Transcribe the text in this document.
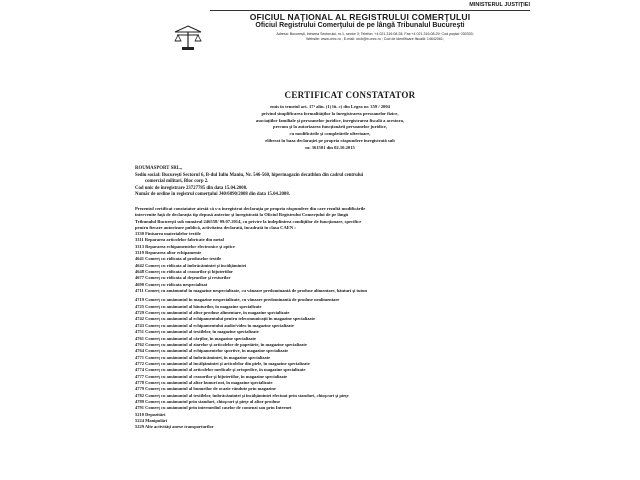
MINISTERUL JUSTIŢIEI
OFICIUL NAŢIONAL AL REGISTRULUI COMERŢULUI
Oficiul Registrului Comerţului de pe lângă Tribunalul Bucureşti
Adresa: Bucureşti, Intrarea Sectorului, nr.1, sector 3; Telefon: +4 021.316.08.28; Fax:+4 021.316.08.29; Cod poştal: 030333;
Website: www.onrc.ro ; E-mail: orcb@b.onrc.ro ; Cod de identificare fiscală: 14642061;
CERTIFICAT CONSTATATOR
emis în temeiul art. 17¹ alin. (1) lit. c) din Legea nr. 359 / 2004
privind simplificarea formalităţilor la înregistrarea persoanelor fizice,
asociaţiilor familiale şi persoanelor juridice, înregistrarea fiscală a acestora,
precum şi la autorizarea funcţionării persoanelor juridice,
cu modificările şi completările ulterioare,
eliberat în baza declaraţiei pe propria răspundere înregistrată sub
nr. 361501 din 02.10.2015
ROUMASPORT SRL.,
Sediu social: Bucureşti Sectorul 6, B-dul Iuliu Maniu, Nr. 546-560, hipermagazin decathlon din cadrul centrului
comercial militari, Bloc corp 2.
Cod unic de înregistrare 23727785 din data 15.04.2008.
Număr de ordine în registrul comerţului J40/6890/2008 din data 15.04.2008.
Prezentul certificat constatator atestă că s-a înregistrat declaraţia pe propria răspundere din care rezultă modificările
intervenite faţă de declaraţia tip depusă anterior şi înregistrată la Oficiul Registrului Comerţului de pe lângă
Tribunalul Bucureşti sub numărul 246558/ 09.07.2014, cu privire la îndeplinirea condiţiilor de funcţionare, specifice
pentru fiecare autorizare publică, activitatea declarată, încadrată în clasa CAEN :
1330 Finisarea materialelor textile
3311 Repararea articolelor fabricate din metal
3313 Repararea echipamentelor electronice şi optice
3319 Repararea altor echipamente
4641 Comerţ cu ridicata al produselor textile
4642 Comerţ cu ridicata al îmbrăcămintei şi încălţămintei
4648 Comerţ cu ridicata al ceasurilor şi bijuteriilor
4677 Comerţ cu ridicata al deşeurilor şi resturilor
4690 Comerţ cu ridicata nespecializat
4711 Comerţ cu amănuntul în magazine nespecializate, cu vânzare predominantă de produse alimentare, băuturi şi tutun
4719 Comerţ cu amănuntul în magazine nespecializate, cu vânzare predominantă de produse nealimentare
4725 Comerţ cu amănuntul al băuturilor, în magazine specializate
4729 Comerţ cu amănuntul al altor produse alimentare, în magazine specializate
4742 Comerţ cu amănuntul al echipamentului pentru telecomunicaţii în magazine specializate
4743 Comerţ cu amănuntul al echipamentului audio/video în magazine specializate
4751 Comerţ cu amănuntul al textilelor, în magazine specializate
4761 Comerţ cu amănuntul al cărţilor, în magazine specializate
4762 Comerţ cu amănuntul al ziarelor şi articolelor de papetărie, în magazine specializate
4764 Comerţ cu amănuntul al echipamentelor sportive, în magazine specializate
4771 Comerţ cu amănuntul al îmbrăcămintei, în magazine specializate
4772 Comerţ cu amănuntul al încălţămintei şi articolelor din piele, în magazine specializate
4774 Comerţ cu amănuntul al articolelor medicale şi ortopedice, în magazine specializate
4777 Comerţ cu amănuntul al ceasurilor şi bijuteriilor, în magazine specializate
4778 Comerţ cu amănuntul al altor bunuri noi, în magazine specializate
4779 Comerţ cu amănuntul al bunurilor de ocazie vândute prin magazine
4782 Comerţ cu amănuntul al textilelor, îmbrăcămintei şi încălţămintei efectuat prin standuri, chioşcuri şi pieţe
4789 Comerţ cu amănuntul prin standuri, chioşcuri şi pieţe al altor produse
4791 Comerţ cu amănuntul prin intermediul caselor de comenzi sau prin Internet
5210 Depozitări
5224 Manipulări
5229 Alte activităţi anexe transporturilor
